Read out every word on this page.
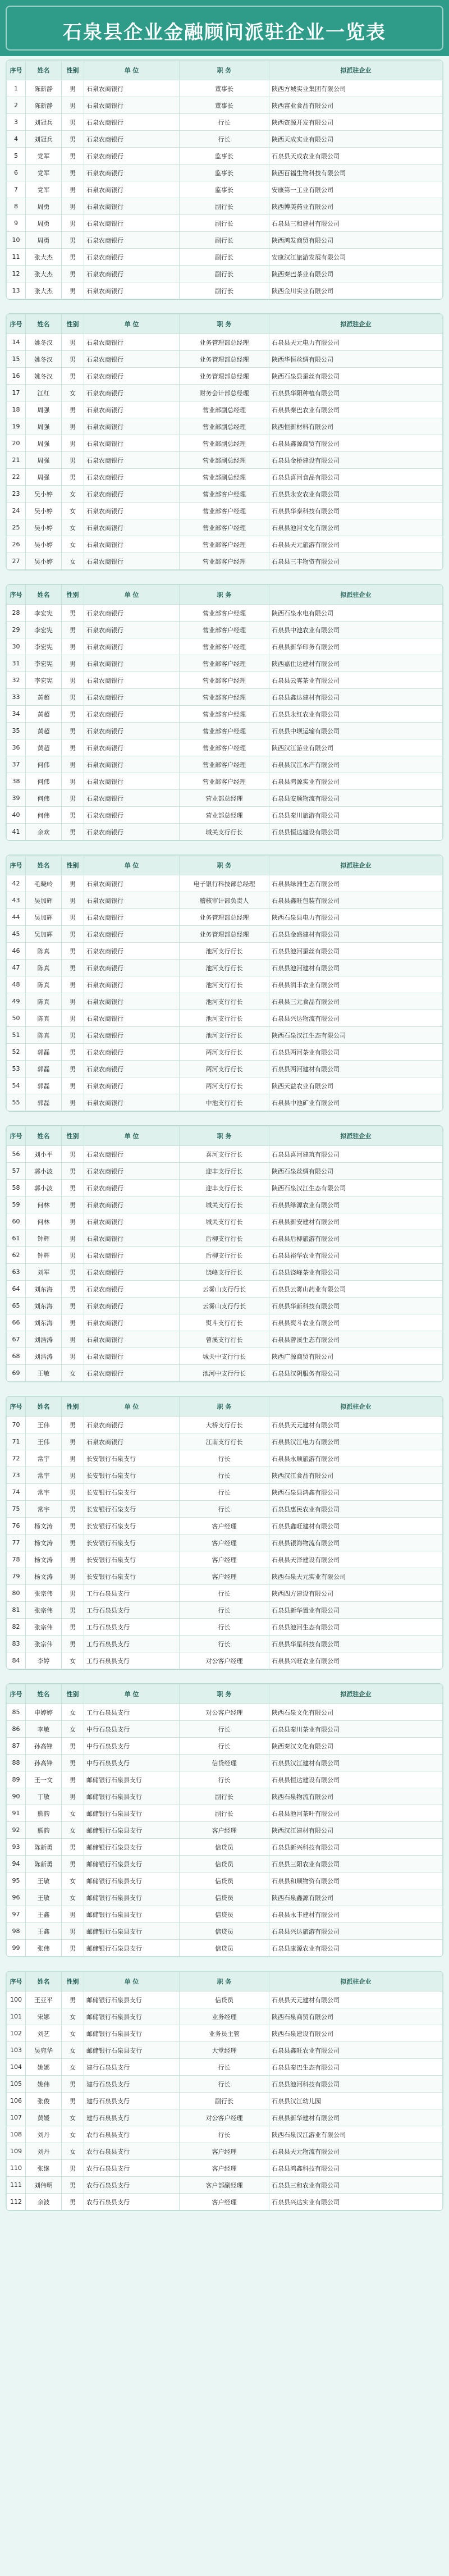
石泉县企业金融顾问派驻企业一览表
序号	姓名	性别	单 位	职 务	拟派驻企业
1	陈新静	男	石泉农商银行	董事长	陕西方城实业集团有限公司
2	陈新静	男	石泉农商银行	董事长	陕西富业食品有限公司
3	刘冠兵	男	石泉农商银行	行长	陕西资源开发有限公司
4	刘冠兵	男	石泉农商银行	行长	陕西天成实业有限公司
5	党军	男	石泉农商银行	监事长	石泉县天成农业有限公司
6	党军	男	石泉农商银行	监事长	陕西百福生物科技有限公司
7	党军	男	石泉农商银行	监事长	安康第一工业有限公司
8	周勇	男	石泉农商银行	副行长	陕西博美药业有限公司
9	周勇	男	石泉农商银行	副行长	石泉县三和建材有限公司
10	周勇	男	石泉农商银行	副行长	陕西鸿发商贸有限公司
11	张大杰	男	石泉农商银行	副行长	安康汉江旅游发展有限公司
12	张大杰	男	石泉农商银行	副行长	陕西秦巴茶业有限公司
13	张大杰	男	石泉农商银行	副行长	陕西金川实业有限公司
序号	姓名	性别	单 位	职 务	拟派驻企业
14	姚冬汉	男	石泉农商银行	业务管理部总经理	石泉县天元电力有限公司
15	姚冬汉	男	石泉农商银行	业务管理部总经理	陕西华恒丝绸有限公司
16	姚冬汉	男	石泉农商银行	业务管理部总经理	陕西石泉县蚕丝有限公司
17	江红	女	石泉农商银行	财务会计部总经理	石泉县华阳种植有限公司
18	周强	男	石泉农商银行	营业部副总经理	石泉县秦巴农业有限公司
19	周强	男	石泉农商银行	营业部副总经理	陕西恒新材料有限公司
20	周强	男	石泉农商银行	营业部副总经理	石泉县鑫源商贸有限公司
21	周强	男	石泉农商银行	营业部副总经理	石泉县金桥建设有限公司
22	周强	男	石泉农商银行	营业部副总经理	石泉县喜河食品有限公司
23	吴小婷	女	石泉农商银行	营业部客户经理	石泉县永安农业有限公司
24	吴小婷	女	石泉农商银行	营业部客户经理	石泉县华泰科技有限公司
25	吴小婷	女	石泉农商银行	营业部客户经理	石泉县池河文化有限公司
26	吴小婷	女	石泉农商银行	营业部客户经理	石泉县天元旅游有限公司
27	吴小婷	女	石泉农商银行	营业部客户经理	石泉县三丰物资有限公司
序号	姓名	性别	单 位	职 务	拟派驻企业
28	李宏宪	男	石泉农商银行	营业部客户经理	陕西石泉水电有限公司
29	李宏宪	男	石泉农商银行	营业部客户经理	石泉县中池农业有限公司
30	李宏宪	男	石泉农商银行	营业部客户经理	石泉县新华印务有限公司
31	李宏宪	男	石泉农商银行	营业部客户经理	陕西嘉仕达建材有限公司
32	李宏宪	男	石泉农商银行	营业部客户经理	石泉县云雾茶业有限公司
33	黄超	男	石泉农商银行	营业部客户经理	石泉县鑫达建材有限公司
34	黄超	男	石泉农商银行	营业部客户经理	石泉县永红农业有限公司
35	黄超	男	石泉农商银行	营业部客户经理	石泉县中坝运输有限公司
36	黄超	男	石泉农商银行	营业部客户经理	陕西汉江游业有限公司
37	何伟	男	石泉农商银行	营业部客户经理	石泉县汉江水产有限公司
38	何伟	男	石泉农商银行	营业部客户经理	石泉县鸿源实业有限公司
39	何伟	男	石泉农商银行	营业部总经理	石泉县安顺物流有限公司
40	何伟	男	石泉农商银行	营业部总经理	石泉县秦川旅游有限公司
41	余欢	男	石泉农商银行	城关支行行长	石泉县恒达建设有限公司
序号	姓名	性别	单 位	职 务	拟派驻企业
42	毛晓岭	男	石泉农商银行	电子银行科技部总经理	石泉县绿洲生态有限公司
43	吴加辉	男	石泉农商银行	稽核审计部负责人	石泉县鑫旺包装有限公司
44	吴加辉	男	石泉农商银行	业务管理部总经理	陕西石泉县电力有限公司
45	吴加辉	男	石泉农商银行	业务管理部总经理	石泉县金盛建材有限公司
46	陈真	男	石泉农商银行	池河支行行长	石泉县池河蚕丝有限公司
47	陈真	男	石泉农商银行	池河支行行长	石泉县池河建材有限公司
48	陈真	男	石泉农商银行	池河支行行长	石泉县润丰农业有限公司
49	陈真	男	石泉农商银行	池河支行行长	石泉县三元食品有限公司
50	陈真	男	石泉农商银行	池河支行行长	石泉县兴达物流有限公司
51	陈真	男	石泉农商银行	池河支行行长	陕西石泉汉江生态有限公司
52	郭磊	男	石泉农商银行	两河支行行长	石泉县两河茶业有限公司
53	郭磊	男	石泉农商银行	两河支行行长	石泉县两河建材有限公司
54	郭磊	男	石泉农商银行	两河支行行长	陕西天益农业有限公司
55	郭磊	男	石泉农商银行	中池支行行长	石泉县中池矿业有限公司
序号	姓名	性别	单 位	职 务	拟派驻企业
56	刘小平	男	石泉农商银行	喜河支行行长	石泉县喜河建筑有限公司
57	郭小波	男	石泉农商银行	迎丰支行行长	陕西石泉丝绸有限公司
58	郭小波	男	石泉农商银行	迎丰支行行长	陕西石泉汉江生态有限公司
59	何林	男	石泉农商银行	城关支行行长	石泉县绿源农业有限公司
60	何林	男	石泉农商银行	城关支行行长	石泉县新安建材有限公司
61	钟辉	男	石泉农商银行	后柳支行行长	石泉县后柳旅游有限公司
62	钟辉	男	石泉农商银行	后柳支行行长	石泉县裕华农业有限公司
63	刘军	男	石泉农商银行	饶峰支行行长	石泉县饶峰茶业有限公司
64	刘东海	男	石泉农商银行	云雾山支行行长	石泉县云雾山药业有限公司
65	刘东海	男	石泉农商银行	云雾山支行行长	石泉县华新科技有限公司
66	刘东海	男	石泉农商银行	熨斗支行行长	石泉县熨斗农业有限公司
67	刘浩涛	男	石泉农商银行	曾溪支行行长	石泉县曾溪生态有限公司
68	刘浩涛	男	石泉农商银行	城关中支行行长	陕西广源商贸有限公司
69	王敏	女	石泉农商银行	池河中支行行长	石泉县汉阴服务有限公司
序号	姓名	性别	单 位	职 务	拟派驻企业
70	王伟	男	石泉农商银行	大桥支行行长	石泉县天元建材有限公司
71	王伟	男	石泉农商银行	江南支行行长	石泉县汉江电力有限公司
72	常宇	男	长安银行石泉支行	行长	石泉县永顺旅游有限公司
73	常宇	男	长安银行石泉支行	行长	陕西汉江食品有限公司
74	常宇	男	长安银行石泉支行	行长	陕西石泉县鸿鑫有限公司
75	常宇	男	长安银行石泉支行	行长	石泉县惠民农业有限公司
76	杨文涛	男	长安银行石泉支行	客户经理	石泉县鑫旺建材有限公司
77	杨文涛	男	长安银行石泉支行	客户经理	石泉县银海物流有限公司
78	杨文涛	男	长安银行石泉支行	客户经理	石泉县天泽建设有限公司
79	杨文涛	男	长安银行石泉支行	客户经理	陕西石泉天元实业有限公司
80	张宗伟	男	工行石泉县支行	行长	陕西四方建设有限公司
81	张宗伟	男	工行石泉县支行	行长	石泉县新华置业有限公司
82	张宗伟	男	工行石泉县支行	行长	石泉县池河生态有限公司
83	张宗伟	男	工行石泉县支行	行长	石泉县华星科技有限公司
84	李婷	女	工行石泉县支行	对公客户经理	石泉县兴旺农业有限公司
序号	姓名	性别	单 位	职 务	拟派驻企业
85	申婷婷	女	工行石泉县支行	对公客户经理	陕西石泉文化有限公司
86	李敏	女	中行石泉县支行	行长	石泉县秦川茶业有限公司
87	孙高锋	男	中行石泉县支行	行长	陕西秦汉文化有限公司
88	孙高锋	男	中行石泉县支行	信贷经理	石泉县汉江建材有限公司
89	王一文	男	邮储银行石泉县支行	行长	石泉县恒达建设有限公司
90	丁敏	男	邮储银行石泉县支行	副行长	陕西石泉物流有限公司
91	熊韵	女	邮储银行石泉县支行	副行长	石泉县池河茶叶有限公司
92	熊韵	女	邮储银行石泉县支行	客户经理	陕西汉江建材有限公司
93	陈新勇	男	邮储银行石泉县支行	信贷员	石泉县新兴科技有限公司
94	陈新勇	男	邮储银行石泉县支行	信贷员	石泉县三阳农业有限公司
95	王敏	女	邮储银行石泉县支行	信贷员	石泉县和顺物资有限公司
96	王敏	女	邮储银行石泉县支行	信贷员	陕西石泉鑫源有限公司
97	王鑫	男	邮储银行石泉县支行	信贷员	石泉县永丰建材有限公司
98	王鑫	男	邮储银行石泉县支行	信贷员	石泉县兴达旅游有限公司
99	张伟	男	邮储银行石泉县支行	信贷员	石泉县康源农业有限公司
序号	姓名	性别	单 位	职 务	拟派驻企业
100	王亚平	男	邮储银行石泉县支行	信贷员	石泉县天元建材有限公司
101	宋娜	女	邮储银行石泉县支行	业务经理	陕西石泉商贸有限公司
102	刘艺	女	邮储银行石泉县支行	业务员主管	陕西石泉建设有限公司
103	吴宛华	女	邮储银行石泉县支行	大堂经理	石泉县鑫旺农业有限公司
104	姚娜	女	建行石泉县支行	行长	石泉县秦巴生态有限公司
105	姚伟	男	建行石泉县支行	行长	石泉县池河科技有限公司
106	张俊	男	建行石泉县支行	副行长	石泉县汉江幼儿园
107	黄媛	女	建行石泉县支行	对公客户经理	石泉县新华建材有限公司
108	刘丹	女	农行石泉县支行	行长	陕西石泉汉江游业有限公司
109	刘丹	女	农行石泉县支行	客户经理	石泉县天元物流有限公司
110	张继	男	农行石泉县支行	客户经理	石泉县鸿鑫科技有限公司
111	刘伟明	男	农行石泉县支行	客户部副经理	石泉县三和农业有限公司
112	余波	男	农行石泉县支行	客户经理	石泉县兴达实业有限公司
